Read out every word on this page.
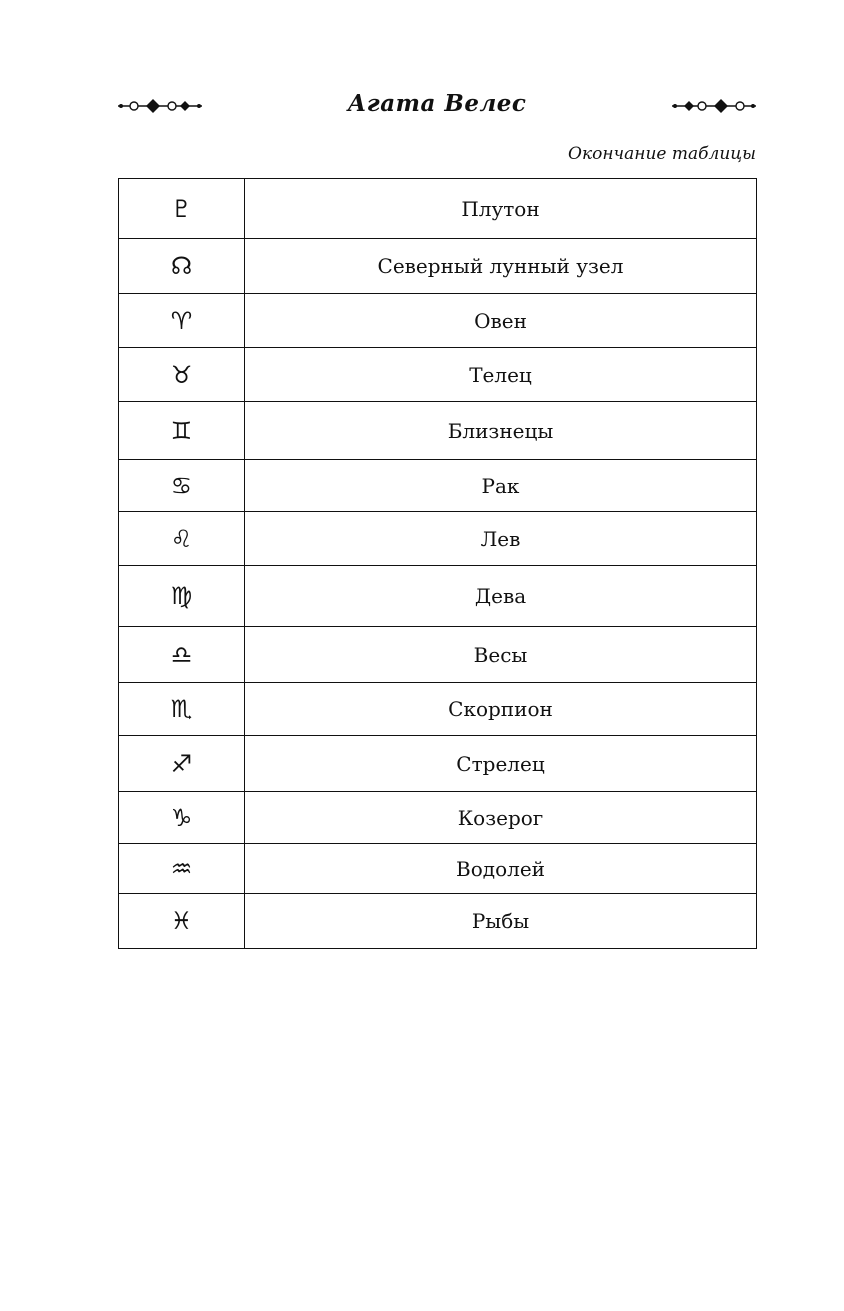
Агата Велес
Окончание таблицы
♇	Плутон
☊	Северный лунный узел
♈	Овен
♉	Телец
♊	Близнецы
♋	Рак
♌	Лев
♍	Дева
♎	Весы
♏	Скорпион
♐	Стрелец
♑	Козерог
♒	Водолей
♓	Рыбы
